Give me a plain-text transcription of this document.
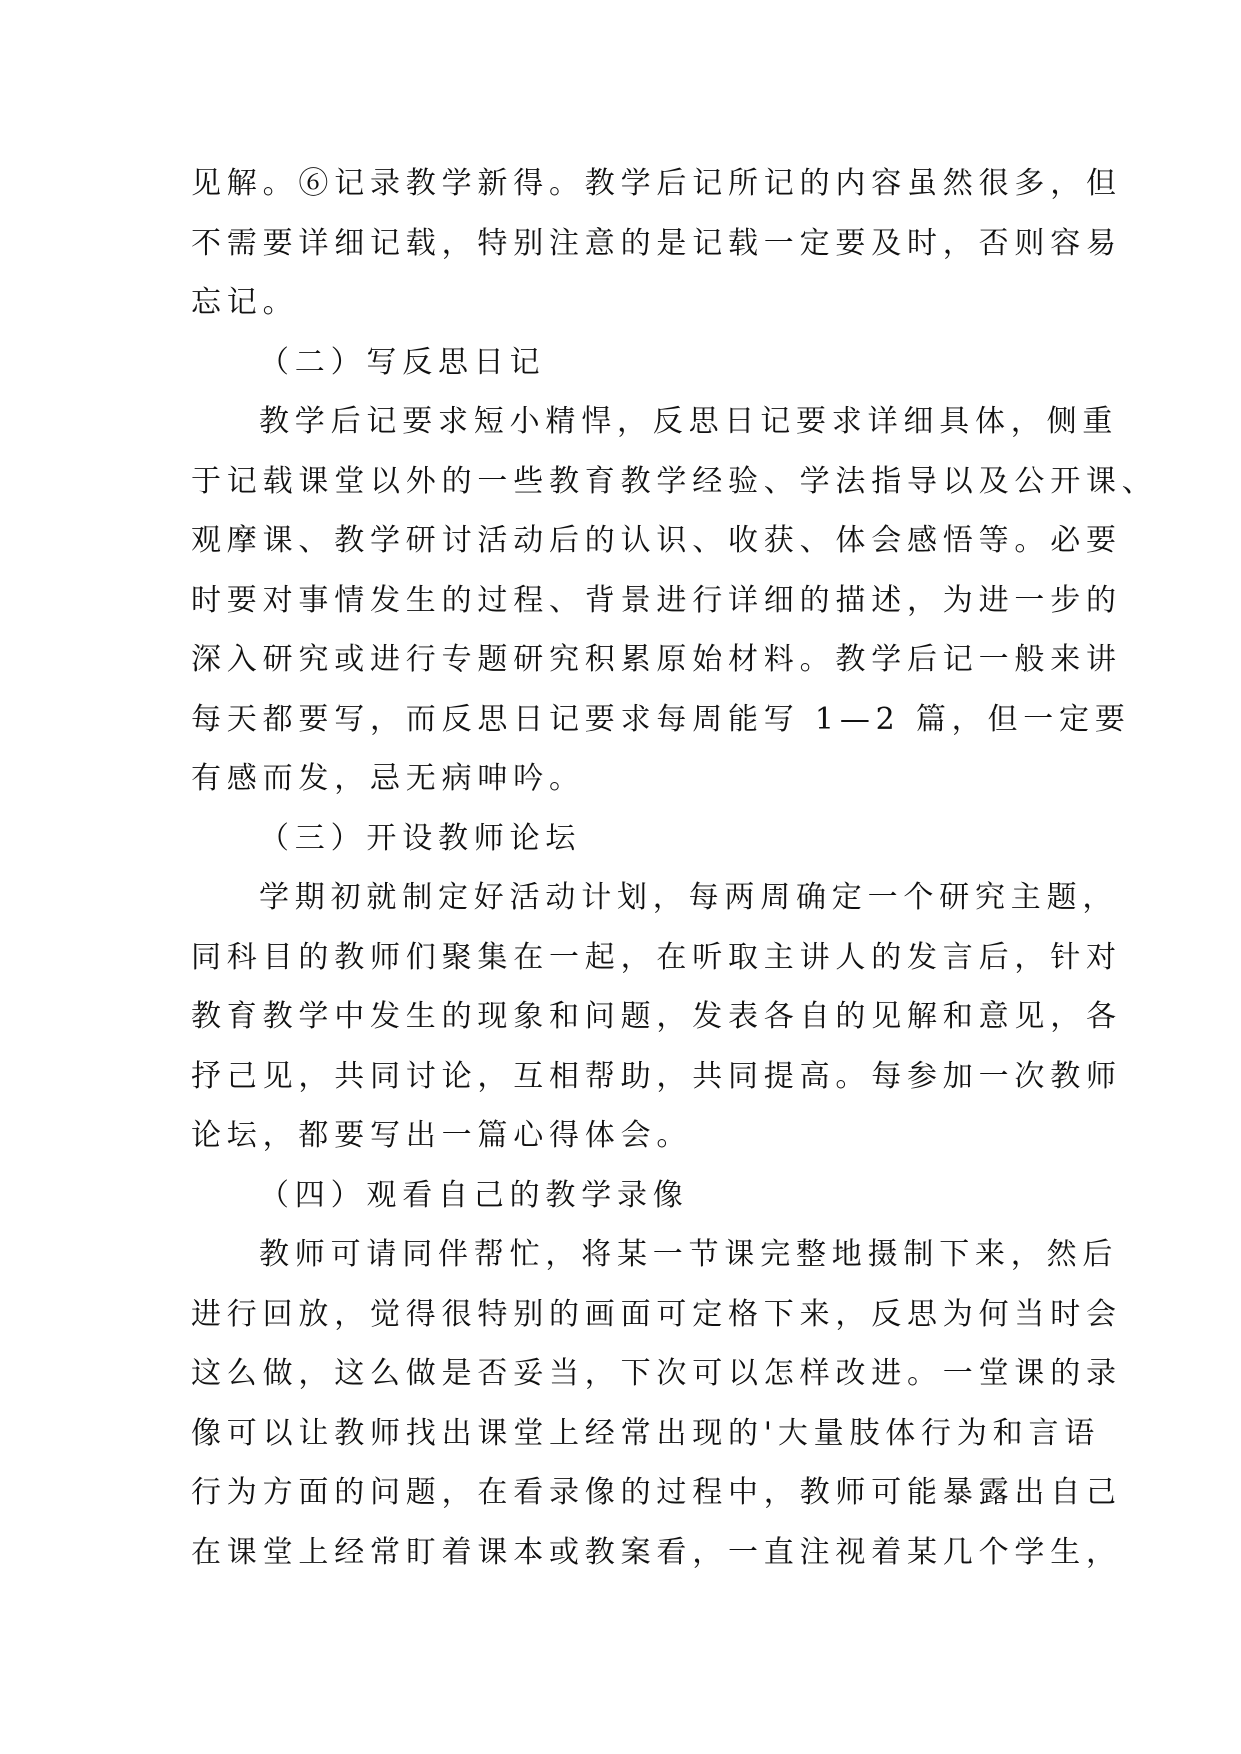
见解。⑥记录教学新得。教学后记所记的内容虽然很多，但
不需要详细记载，特别注意的是记载一定要及时，否则容易
忘记。
（二）写反思日记
教学后记要求短小精悍，反思日记要求详细具体，侧重
于记载课堂以外的一些教育教学经验、学法指导以及公开课、
观摩课、教学研讨活动后的认识、收获、体会感悟等。必要
时要对事情发生的过程、背景进行详细的描述，为进一步的
深入研究或进行专题研究积累原始材料。教学后记一般来讲
每天都要写，而反思日记要求每周能写 1—2 篇，但一定要
有感而发，忌无病呻吟。
（三）开设教师论坛
学期初就制定好活动计划，每两周确定一个研究主题，
同科目的教师们聚集在一起，在听取主讲人的发言后，针对
教育教学中发生的现象和问题，发表各自的见解和意见，各
抒己见，共同讨论，互相帮助，共同提高。每参加一次教师
论坛，都要写出一篇心得体会。
（四）观看自己的教学录像
教师可请同伴帮忙，将某一节课完整地摄制下来，然后
进行回放，觉得很特别的画面可定格下来，反思为何当时会
这么做，这么做是否妥当，下次可以怎样改进。一堂课的录
像可以让教师找出课堂上经常出现的'大量肢体行为和言语
行为方面的问题，在看录像的过程中，教师可能暴露出自己
在课堂上经常盯着课本或教案看，一直注视着某几个学生，
